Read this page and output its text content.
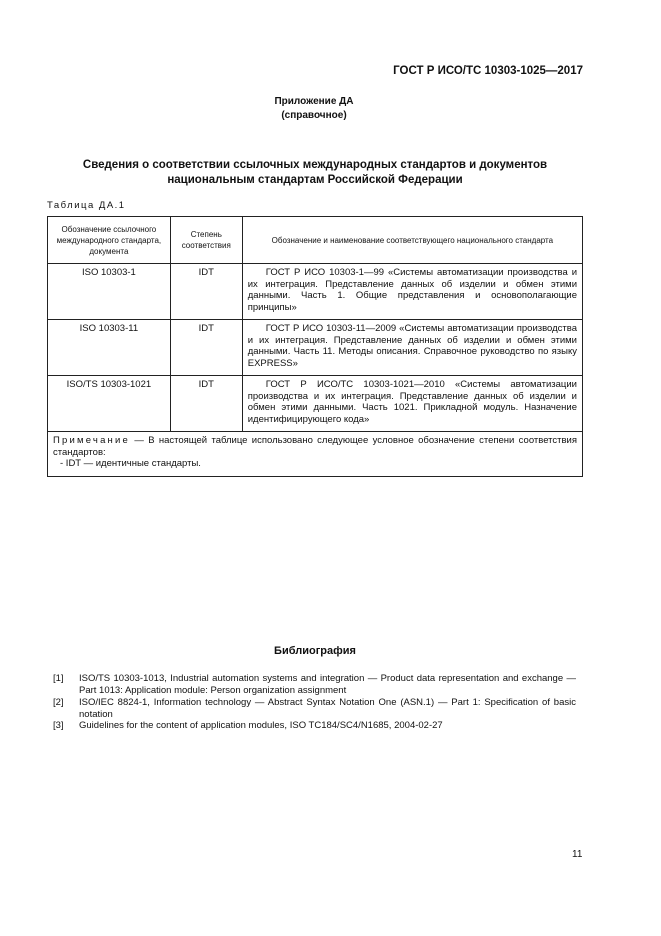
ГОСТ Р ИСО/ТС 10303-1025—2017
Приложение ДА
(справочное)
Сведения о соответствии ссылочных международных стандартов и документов
национальным стандартам Российской Федерации
Таблица ДА.1
Обозначение ссылочного международного стандарта, документа	Степень соответствия	Обозначение и наименование соответствующего национального стандарта
ISO 10303-1	IDT	ГОСТ Р ИСО 10303-1—99 «Системы автоматизации производства и их интеграция. Представление данных об изделии и обмен этими данными. Часть 1. Общие представления и основополагающие принципы»
ISO 10303-11	IDT	ГОСТ Р ИСО 10303-11—2009 «Системы автоматизации производства и их интеграция. Представление данных об изделии и обмен этими данными. Часть 11. Методы описания. Справочное руководство по языку EXPRESS»
ISO/TS 10303-1021	IDT	ГОСТ Р ИСО/ТС 10303-1021—2010 «Системы автоматизации производства и их интеграция. Представление данных об изделии и обмен этими данными. Часть 1021. Прикладной модуль. Назначение идентифицирующего кода»

Примечание — В настоящей таблице использовано следующее условное обозначение степени соответствия стандартов:
- IDT — идентичные стандарты.		
Библиография
[1] ISO/TS 10303-1013, Industrial automation systems and integration — Product data representation and exchange — Part 1013: Application module: Person organization assignment
[2] ISO/IEC 8824-1, Information technology — Abstract Syntax Notation One (ASN.1) — Part 1: Specification of basic notation
[3] Guidelines for the content of application modules, ISO TC184/SC4/N1685, 2004-02-27
11
